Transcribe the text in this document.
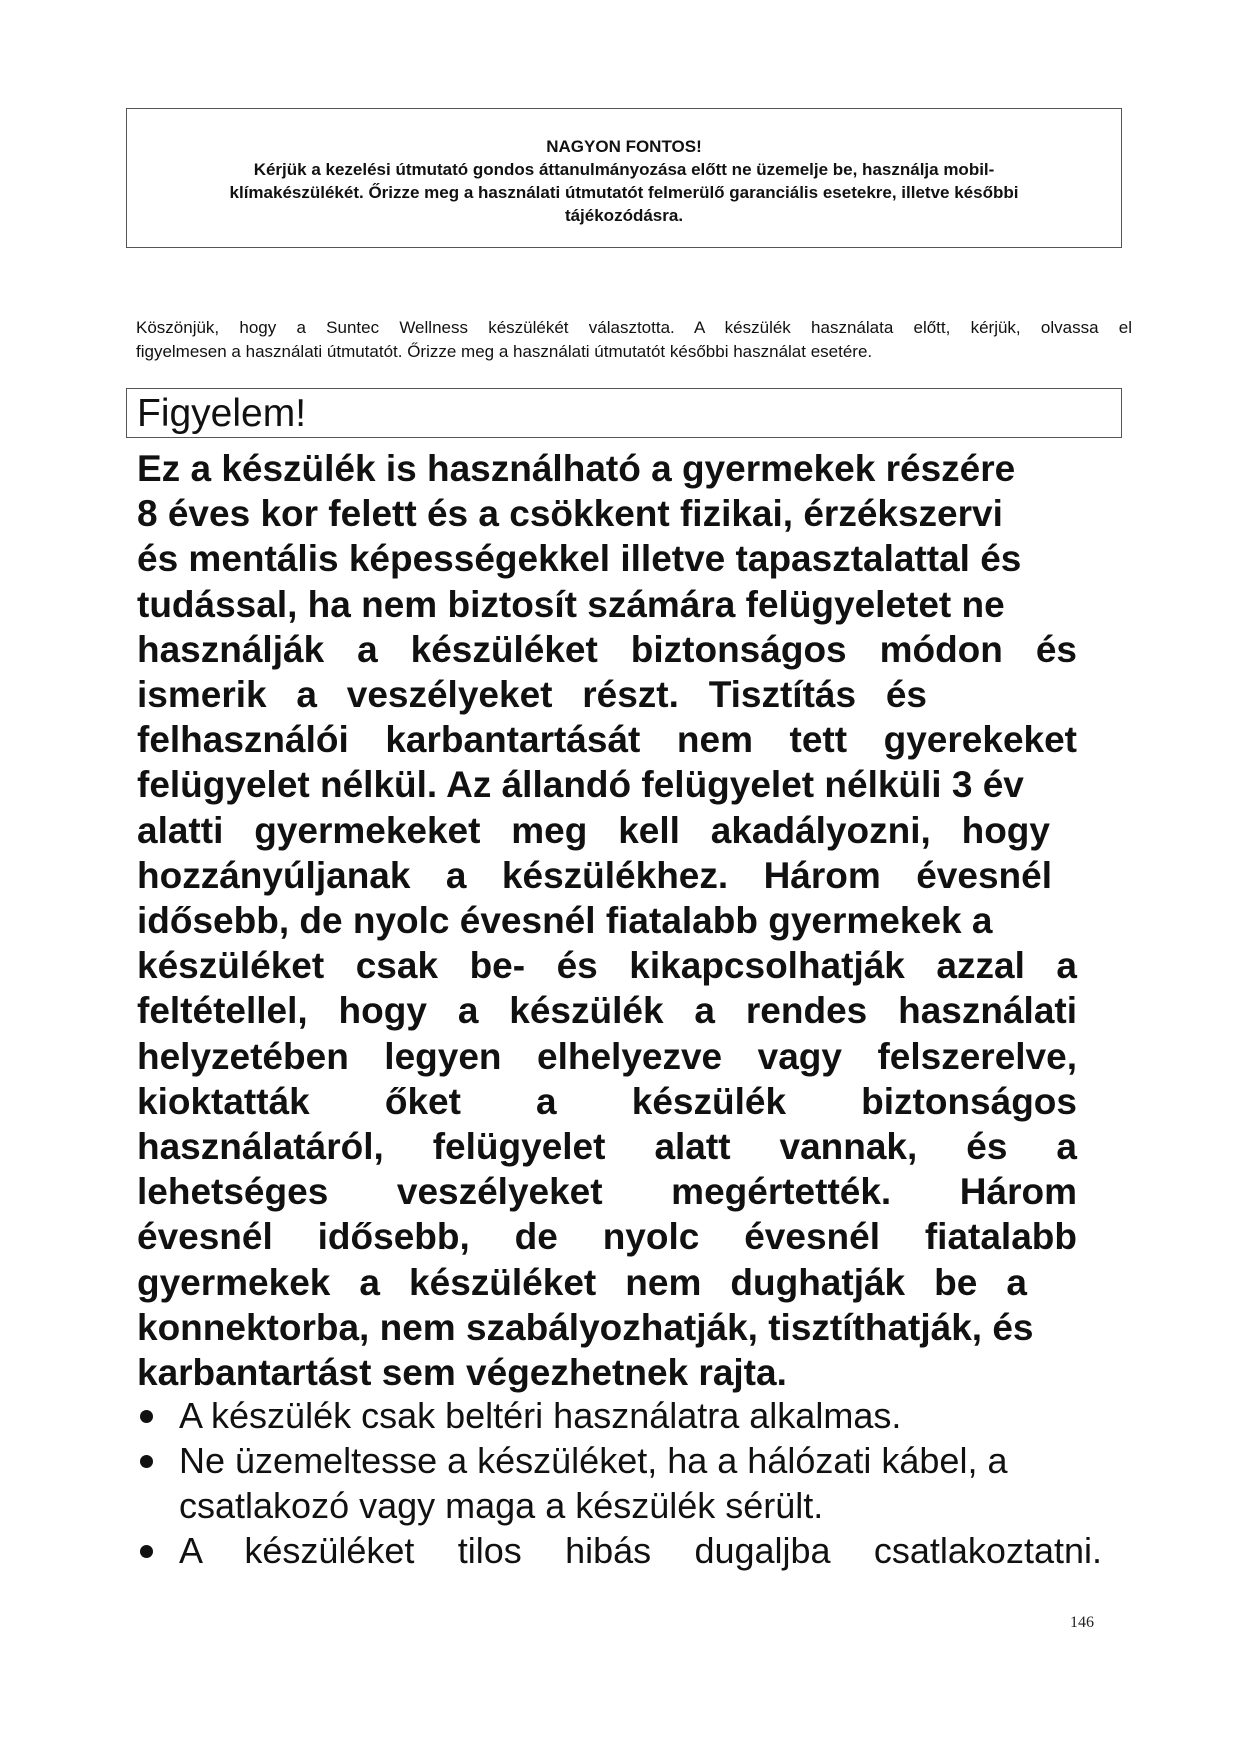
NAGYON FONTOS!
Kérjük a kezelési útmutató gondos áttanulmányozása előtt ne üzemelje be, használja mobil-
klímakészülékét. Őrizze meg a használati útmutatót felmerülő garanciális esetekre, illetve későbbi
tájékozódásra.
Köszönjük, hogy a Suntec Wellness készülékét választotta. A készülék használata előtt, kérjük, olvassa el
figyelmesen a használati útmutatót. Őrizze meg a használati útmutatót későbbi használat esetére.
Figyelem!
Ez a készülék is használható a gyermekek részére
8 éves kor felett és a csökkent fizikai, érzékszervi
és mentális képességekkel illetve tapasztalattal és
tudással, ha nem biztosít számára felügyeletet ne
használják a készüléket biztonságos módon és
ismerik a veszélyeket részt. Tisztítás és
felhasználói karbantartását nem tett gyerekeket
felügyelet nélkül. Az állandó felügyelet nélküli 3 év
alatti gyermekeket meg kell akadályozni, hogy
hozzányúljanak a készülékhez. Három évesnél
idősebb, de nyolc évesnél fiatalabb gyermekek a
készüléket csak be- és kikapcsolhatják azzal a
feltétellel, hogy a készülék a rendes használati
helyzetében legyen elhelyezve vagy felszerelve,
kioktatták őket a készülék biztonságos
használatáról, felügyelet alatt vannak, és a
lehetséges veszélyeket megértették. Három
évesnél idősebb, de nyolc évesnél fiatalabb
gyermekek a készüléket nem dughatják be a
konnektorba, nem szabályozhatják, tisztíthatják, és
karbantartást sem végezhetnek rajta.
A készülék csak beltéri használatra alkalmas.
Ne üzemeltesse a készüléket, ha a hálózati kábel, a
csatlakozó vagy maga a készülék sérült.
A készüléket tilos hibás dugaljba csatlakoztatni.
146
